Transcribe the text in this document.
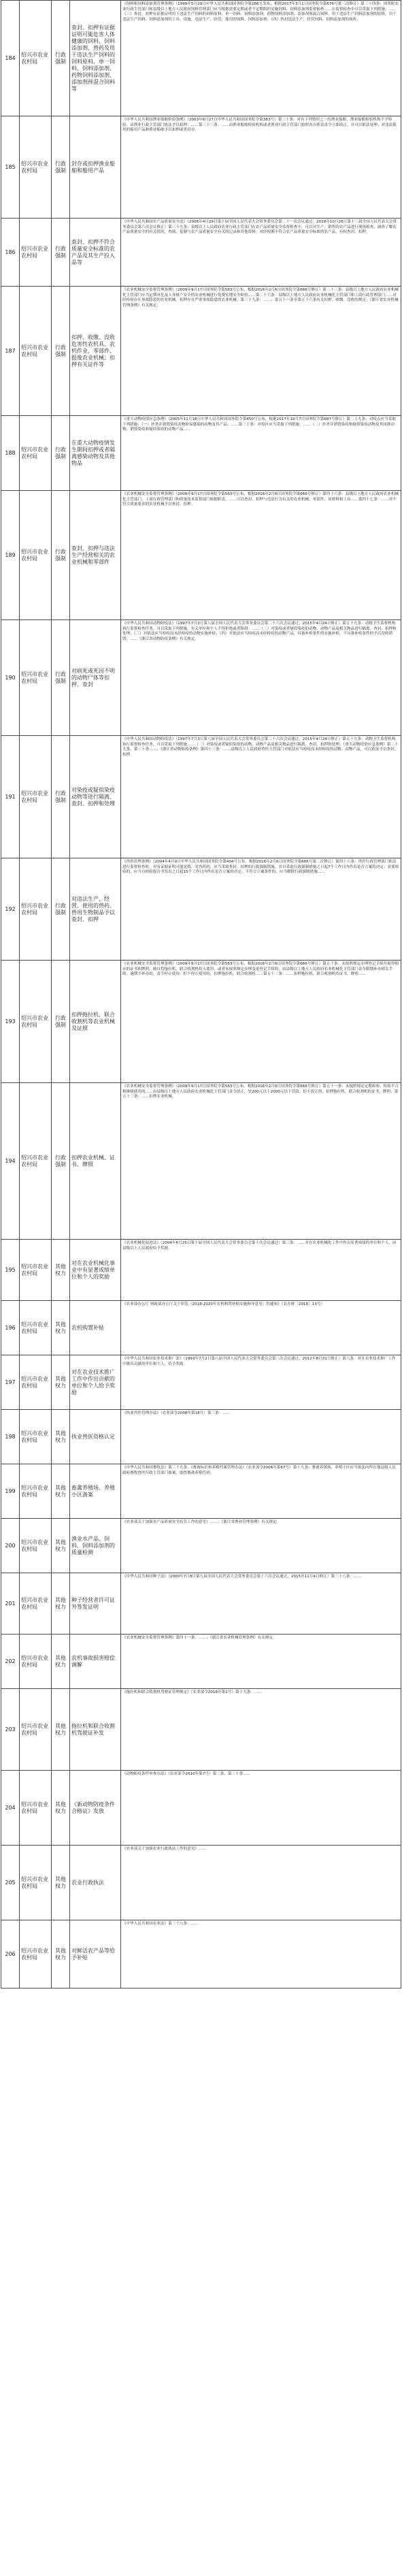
184	绍兴市农业农村局	行政强制	查封、扣押有证据证明可能危害人体健康的饲料、饲料添加剂、兽药及用于违法生产饲料的饲料原料、单一饲料、饲料添加剂、药物饲料添加剂、添加剂预混合饲料等	《饲料和饲料添加剂管理条例》（1999年5月29日中华人民共和国国务院令第266号发布，根据2017年3月1日国务院令第676号第三次修订）第三十四条：国务院农业行政主管部门和县级以上地方人民政府饲料管理部门应当根据需要定期或者不定期组织实施饲料、饲料添加剂监督抽查……在监督检查中可以采取下列措施：……（三）查封、扣押有证据证明用于违法生产饲料的饲料原料、单一饲料、饲料添加剂、药物饲料添加剂、添加剂预混合饲料，用于违法生产饲料添加剂的原料，用于违法生产饲料、饲料添加剂的工具、设施，违法生产、经营、使用的饲料、饲料添加剂；（四）查封违法生产、经营饲料、饲料添加剂的场所。
185	绍兴市农业农村局	行政强制	封存或扣押渔业船舶和船用产品	《中华人民共和国渔业船舶检验条例》（2003年6月27日中华人民共和国国务院令第383号）第三十条：对有下列情形之一的渔业船舶，渔业船舶检验机构不予检验，由渔业行政主管部门依法予以扣押：……第三十三条：……由渔业船舶检验机构或者渔业行政主管部门按照各自职责责令立即改正，并可以依法处理；对违法使用的船用产品和渔业船舶予以扣押或者封存。
186	绍兴市农业农村局	行政强制	查封、扣押不符合质量安全标准的农产品及其生产投入品等	《中华人民共和国农产品质量安全法》（2006年4月29日第十届全国人民代表大会常务委员会第二十一次会议通过；2018年10月26日第十三届全国人民代表大会常务委员会第六次会议修正）第三十九条：县级以上人民政府农业行政主管部门在农产品质量安全监督检查中，可以对生产、销售的农产品进行现场检查，调查了解农产品质量安全的有关情况，查阅、复制与农产品质量安全有关的记录和其他资料；对经检测不符合农产品质量安全标准的农产品，有权查封、扣押。
187	绍兴市农业农村局	行政强制	扣押、收缴、没收危害性农机具、农机作业、零部件、报废农业机械；扣押有关证件等	《农业机械安全监督管理条例》（2009年9月17日国务院令第563号公布，根据2016年2月6日国务院令第666号修订）第二十三条：县级以上地方人民政府农业机械化主管部门应当定期对危及人身财产安全的农业机械进行免费实地安全检验……第二十六条：县级以上地方人民政府农业机械化主管部门和工商行政管理部门……对经检验存在事故隐患的农业机械，扣押存在严重事故隐患的农业机械；第三十九条：……；第五十一条至第五十六条有关扣押、收缴、没收的规定；《浙江省农业机械管理条例》有关规定。
188	绍兴市农业农村局	行政强制	在重大动物疫情发生期间扣押或者隔离感染动物及其他物品	《重大动物疫情应急条例》（2005年11月18日中华人民共和国国务院令第450号公布，根据2017年10月7日国务院令第687号修订）第二十九条：对疫点应当采取下列措施：（一）扑杀并销毁染疫动物和易感染的动物及其产品；……第三十条：对疫区应当采取下列措施：……（二）扑杀并销毁染疫和疑似染疫动物及其同群动物，销毁染疫和疑似染疫的动物产品……
189	绍兴市农业农村局	行政强制	查封、扣押与违法生产经营相关的农业机械和零部件	《农业机械安全监督管理条例》（2009年9月17日国务院令第563号公布，根据2016年2月6日国务院令第666号修订）第四十六条：县级以上地方人民政府农业机械化主管部门、工商行政管理部门和质量技术监督部门根据职责，……可以查封、扣押与违法行为有关的农业机械、零部件、原材料和工具……第四十七条：……对不符合质量要求的农业机械予以查封、扣押。
190	绍兴市农业农村局	行政强制	对病死或死因不明的动物尸体等扣押、查封	《中华人民共和国动物防疫法》（1997年7月3日第八届全国人民代表大会常务委员会第二十六次会议通过，2015年4月24日修正）第五十九条：动物卫生监督机构执行监督检查任务，可以采取下列措施，有关单位和个人不得拒绝或者阻碍：……（二）对染疫或者疑似染疫的动物、动物产品及相关物品进行隔离、查封、扣押和处理；（三）对依法应当检疫而未经检疫的动物实施补检；（四）对依法应当检疫而未经检疫的动物产品，具备补检条件的实施补检，不具备补检条件的予以没收销毁；……《浙江省动物防疫条例》有关规定。
191	绍兴市农业农村局	行政强制	对染疫或疑似染疫动物等进行隔离、查封、扣押和处理	《中华人民共和国动物防疫法》（1997年7月3日第八届全国人民代表大会常务委员会第二十六次会议通过，2015年4月24日修正）第五十九条：动物卫生监督机构执行监督检查任务，可以采取下列措施……（二）对染疫或者疑似染疫的动物、动物产品及相关物品进行隔离、查封、扣押和处理；《重大动物疫情应急条例》第二十九条、第三十条……；《浙江省动物防疫条例》第四十三条：……县级以上人民政府兽医主管部门对依法应当检疫而未经检疫的动物、动物产品，可以依法予以查封、扣押。
192	绍兴市农业农村局	行政强制	对违法生产、经营、使用的兽药、兽用生物制品予以查封、扣押	《兽药管理条例》（2004年4月9日中华人民共和国国务院令第404号公布，根据2016年2月6日国务院令第666号第二次修订）第四十六条：兽医行政管理部门依法进行监督检查时，对有证据证明可能是假、劣兽药的，应当采取查封、扣押的行政强制措施，并自采取行政强制措施之日起7个工作日内作出是否立案的决定；需要检验的，应当自检验报告书发出之日起15个工作日内作出是否立案的决定；不符合立案条件的，应当解除行政强制措施……
193	绍兴市农业农村局	行政强制	扣押拖拉机、联合收割机等农业机械及证照	《农业机械安全监督管理条例》（2009年9月17日国务院令第563号公布，根据2016年2月6日国务院令第666号修订）第五十条：未按照规定办理登记手续并取得相应的证书和牌照，擅自将拖拉机、联合收割机投入使用，或者未按照规定办理变更登记手续的，由县级以上地方人民政府农业机械化主管部门责令限期补办相关手续；逾期不补办的，责令停止使用；拒不停止使用的，扣押拖拉机、联合收割机……第五十二条：……扣押拖拉机、联合收割机的证书、牌照……
194	绍兴市农业农村局	行政强制	扣押农业机械、证书、牌照	《农业机械安全监督管理条例》（2009年9月17日国务院令第563号公布，根据2016年2月6日国务院令第666号修订）第五十一条：未按照规定定期检验、检验不合格继续使用的……由县级以上地方人民政府农业机械化主管部门责令改正，处200元以上2000元以下罚款；拒不改正的，扣押拖拉机、联合收割机的证书、牌照；第五十三条：……扣押农业机械。
195	绍兴市农业农村局	其他权力	对在农业机械化事业中有显著成绩单位和个人的奖励	《农业机械化促进法》（2004年6月25日第十届全国人民代表大会常务委员会第十次会议通过）第三条：……对在农业机械化工作中作出显著成绩的单位和个人，由县级以上人民政府给予奖励。
196	绍兴市农业农村局	其他权力	农机购置补贴	《农业部办公厅 财政部办公厅关于印发〈2018-2020年农机购置补贴实施指导意见〉的通知》（农办财〔2018〕13号）
197	绍兴市农业农村局	其他权力	对在农业技术推广工作中作出贡献的单位和个人给予奖励	《中华人民共和国农业技术推广法》（1993年7月2日第八届全国人民代表大会常务委员会第二次会议通过，2012年8月31日修正）第八条：对在农业技术推广工作中做出贡献的单位和个人，给予奖励。
198	绍兴市农业农村局	其他权力	执业兽医资格认定	《执业兽医管理办法》（农业部令2008年第18号）第三条：……
199	绍兴市农业农村局	其他权力	畜禽养殖场、养殖小区备案	《中华人民共和国畜牧法》第三十九条、《畜禽标识和养殖档案管理办法》（农业部令2006年第67号）第十九条：畜禽养殖场、养殖小区应当依法向所在地县级人民政府畜牧兽医行政主管部门备案，取得畜禽养殖代码。
200	绍兴市农业农村局	其他权力	渔业水产品、饲料、饲料添加剂的质量检测	《农业部关于加强水产品质量安全监管工作的意见》……；《浙江省渔业管理条例》有关规定。
201	绍兴市农业农村局	其他权力	种子经营者许可证外签发证明	《中华人民共和国种子法》（2000年7月8日第九届全国人民代表大会常务委员会第十六次会议通过，2015年11月4日修订）第三十八条：……
202	绍兴市农业农村局	其他权力	农机事故损害赔偿调解	《农业机械安全监督管理条例》第四十一条：……；《浙江省农业机械管理条例》有关规定。
203	绍兴市农业农村局	其他权力	拖拉机和联合收割机驾驶证补发	《拖拉机和联合收割机驾驶证管理规定》（农业部令2018年第1号）第十九条：……
204	绍兴市农业农村局	其他权力	《新动物防疫条件合格证》发放	《动物防疫条件审查办法》（农业部令2010年第7号）第二条、第三十条……
205	绍兴市农业农村局	其他权力	农业行政执法	《农业部关于加强农业行政执法工作的意见》……
206	绍兴市农业农村局	其他权力	对鲜活农产品等给予补贴	《中华人民共和国农业法》第三十八条：……
